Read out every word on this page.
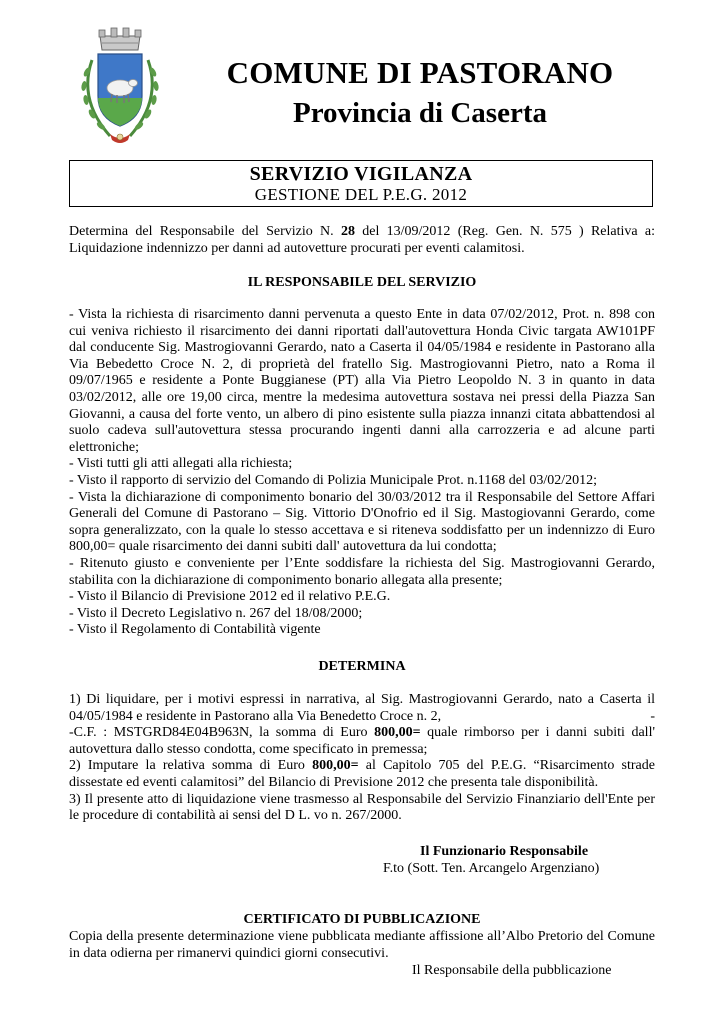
COMUNE DI PASTORANO
Provincia di Caserta
SERVIZIO VIGILANZA
GESTIONE DEL P.E.G. 2012

Determina del Responsabile del Servizio N. 28 del 13/09/2012 (Reg. Gen. N. 575 ) Relativa a: Liquidazione indennizzo per danni ad autovetture procurati per eventi calamitosi.

IL RESPONSABILE DEL SERVIZIO

- Vista la richiesta di risarcimento danni pervenuta a questo Ente in data 07/02/2012, Prot. n. 898 con cui veniva richiesto il risarcimento dei danni riportati dall'autovettura Honda Civic targata AW101PF dal conducente Sig. Mastrogiovanni Gerardo, nato a Caserta il 04/05/1984 e residente in Pastorano alla Via Bebedetto Croce N. 2, di proprietà del fratello Sig. Mastrogiovanni Pietro, nato a Roma il 09/07/1965 e residente a Ponte Buggianese (PT) alla Via Pietro Leopoldo N. 3 in quanto in data 03/02/2012, alle ore 19,00 circa, mentre la medesima autovettura sostava nei pressi della Piazza San Giovanni, a causa del forte vento, un albero di pino esistente sulla piazza innanzi citata abbattendosi al suolo cadeva sull'autovettura stessa procurando ingenti danni alla carrozzeria e ad alcune parti elettroniche;

- Visti tutti gli atti allegati alla richiesta;

- Visto il rapporto di servizio del Comando di Polizia Municipale Prot. n.1168 del 03/02/2012;

- Vista la dichiarazione di componimento bonario del 30/03/2012 tra il Responsabile del Settore Affari Generali del Comune di Pastorano – Sig. Vittorio D'Onofrio ed il Sig. Mastogiovanni Gerardo, come sopra generalizzato, con la quale lo stesso accettava e si riteneva soddisfatto per un indennizzo di Euro 800,00= quale risarcimento dei danni subiti dall' autovettura da lui condotta;

- Ritenuto giusto e conveniente per l’Ente soddisfare la richiesta del Sig. Mastrogiovanni Gerardo, stabilita con la dichiarazione di componimento bonario allegata alla presente;

- Visto il Bilancio di Previsione 2012 ed il relativo P.E.G.

- Visto il Decreto Legislativo n. 267 del 18/08/2000;

- Visto il Regolamento di Contabilità vigente

DETERMINA

1) Di liquidare, per i motivi espressi in narrativa, al Sig. Mastrogiovanni Gerardo, nato a Caserta il 04/05/1984 e residente in Pastorano alla Via Benedetto Croce n. 2,	-

-C.F. : MSTGRD84E04B963N, la somma di Euro 800,00= quale rimborso per i danni subiti dall' autovettura dallo stesso condotta, come specificato in premessa;

2) Imputare la relativa somma di Euro 800,00= al Capitolo 705 del P.E.G. “Risarcimento strade dissestate ed eventi calamitosi” del Bilancio di Previsione 2012 che presenta tale disponibilità.

3) Il presente atto di liquidazione viene trasmesso al Responsabile del Servizio Finanziario dell'Ente per le procedure di contabilità ai sensi del D L. vo n. 267/2000.

Il Funzionario Responsabile
F.to (Sott. Ten. Arcangelo Argenziano)
CERTIFICATO DI PUBBLICAZIONE
Copia della presente determinazione viene pubblicata mediante affissione all’Albo Pretorio del Comune in data odierna per rimanervi quindici giorni consecutivi.
Il Responsabile della pubblicazione
